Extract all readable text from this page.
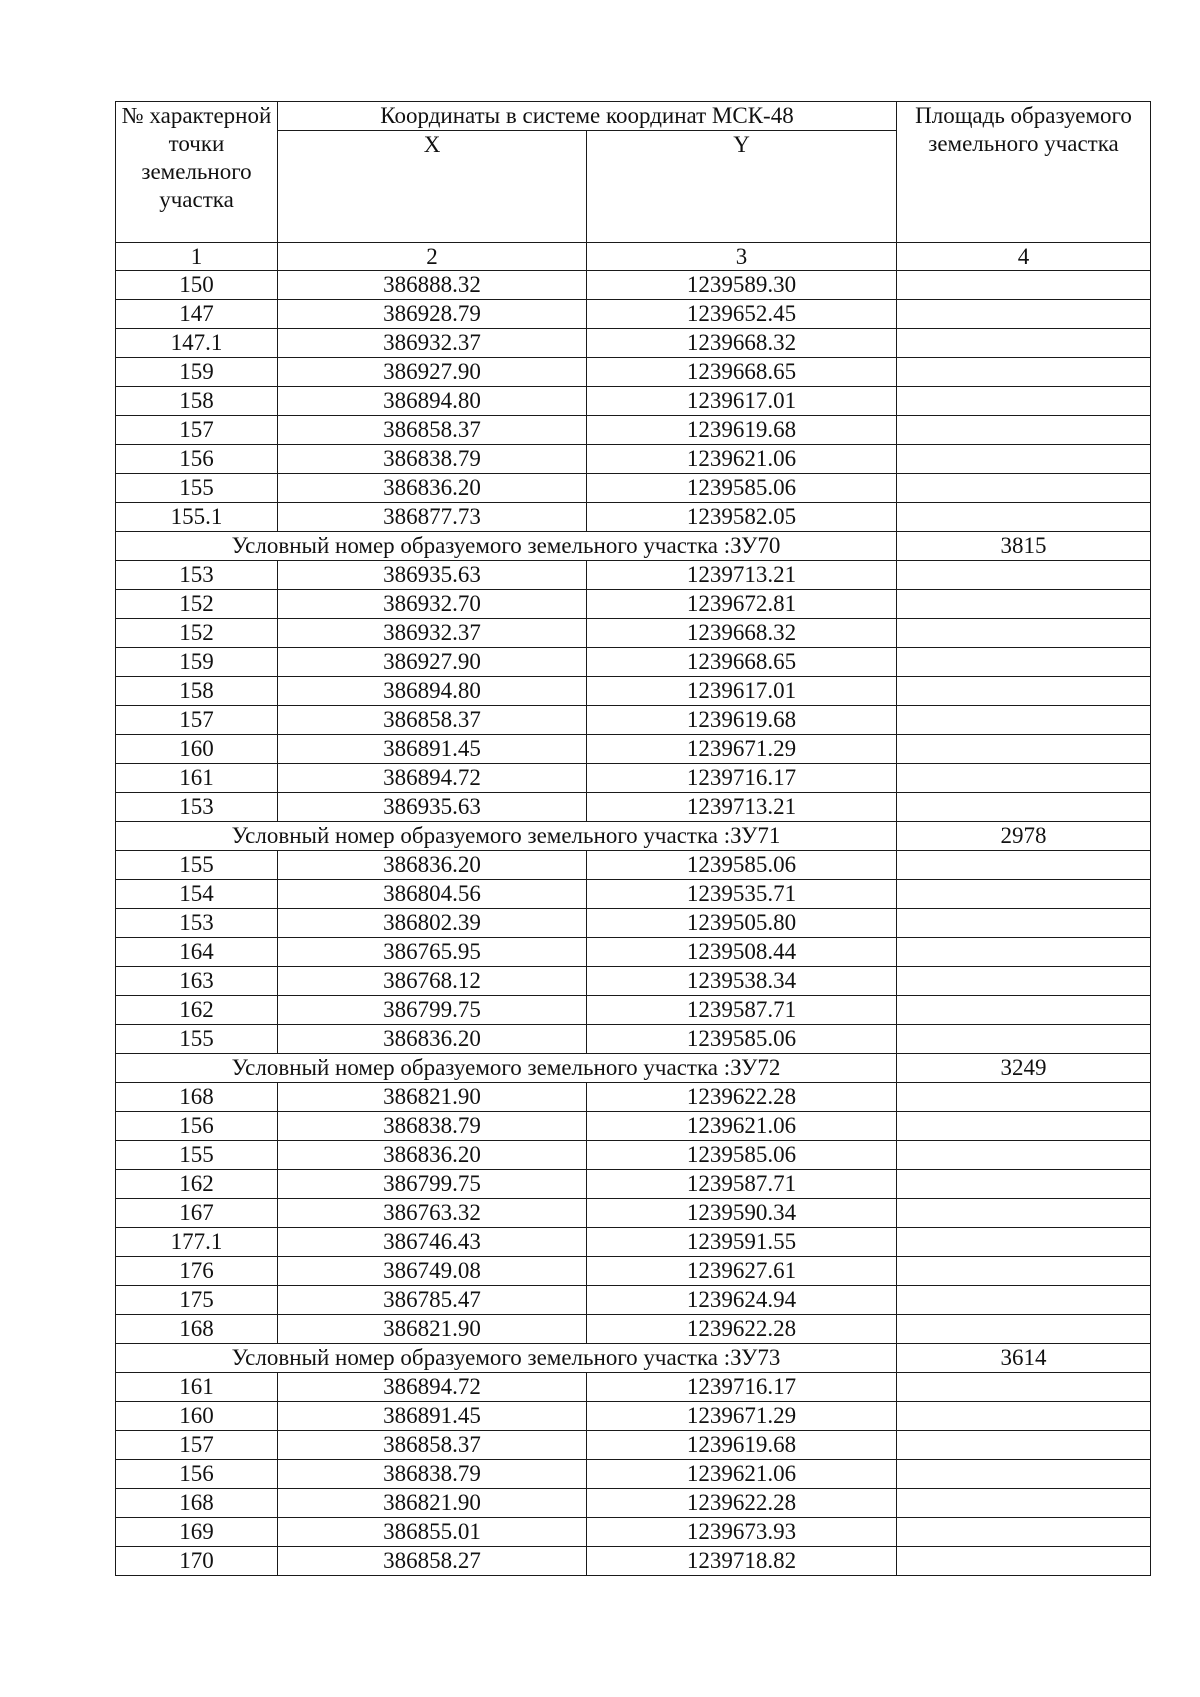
№ характерной точки земельного участка	Координаты в системе координат МСК-48		Площадь образуемого земельного участка
	X	Y	
1	2	3	4
150	386888.32	1239589.30	
147	386928.79	1239652.45	
147.1	386932.37	1239668.32	
159	386927.90	1239668.65	
158	386894.80	1239617.01	
157	386858.37	1239619.68	
156	386838.79	1239621.06	
155	386836.20	1239585.06	
155.1	386877.73	1239582.05	
Условный номер образуемого земельного участка :ЗУ70			3815
153	386935.63	1239713.21	
152	386932.70	1239672.81	
152	386932.37	1239668.32	
159	386927.90	1239668.65	
158	386894.80	1239617.01	
157	386858.37	1239619.68	
160	386891.45	1239671.29	
161	386894.72	1239716.17	
153	386935.63	1239713.21	
Условный номер образуемого земельного участка :ЗУ71			2978
155	386836.20	1239585.06	
154	386804.56	1239535.71	
153	386802.39	1239505.80	
164	386765.95	1239508.44	
163	386768.12	1239538.34	
162	386799.75	1239587.71	
155	386836.20	1239585.06	
Условный номер образуемого земельного участка :ЗУ72			3249
168	386821.90	1239622.28	
156	386838.79	1239621.06	
155	386836.20	1239585.06	
162	386799.75	1239587.71	
167	386763.32	1239590.34	
177.1	386746.43	1239591.55	
176	386749.08	1239627.61	
175	386785.47	1239624.94	
168	386821.90	1239622.28	
Условный номер образуемого земельного участка :ЗУ73			3614
161	386894.72	1239716.17	
160	386891.45	1239671.29	
157	386858.37	1239619.68	
156	386838.79	1239621.06	
168	386821.90	1239622.28	
169	386855.01	1239673.93	
170	386858.27	1239718.82	
